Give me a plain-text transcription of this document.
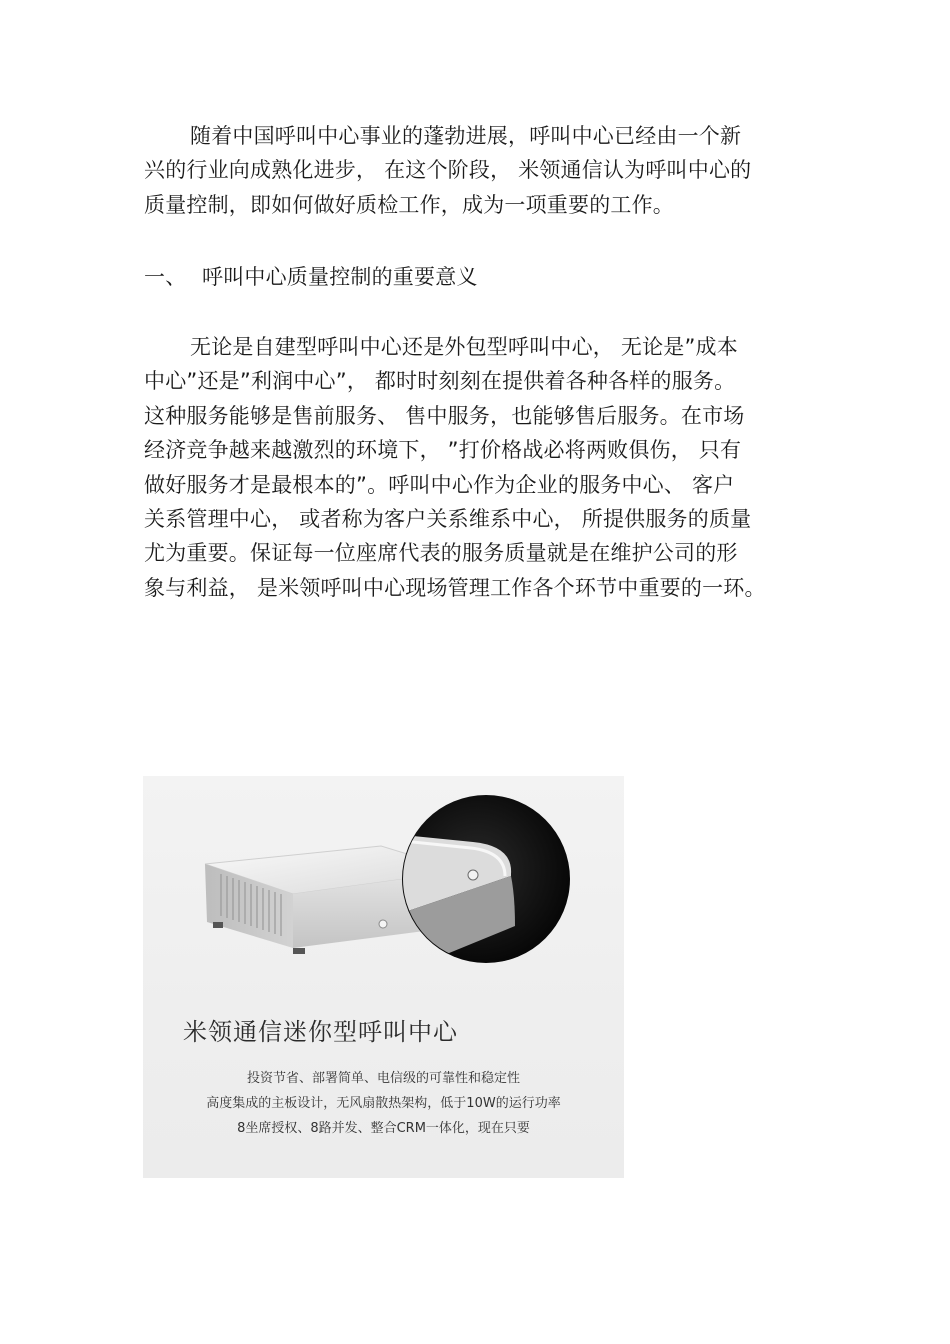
随着中国呼叫中心事业的蓬勃进展，呼叫中心已经由一个新
兴的行业向成熟化进步， 在这个阶段， 米领通信认为呼叫中心的
质量控制，即如何做好质检工作，成为一项重要的工作。
一、 呼叫中心质量控制的重要意义
无论是自建型呼叫中心还是外包型呼叫中心， 无论是”成本
中心”还是”利润中心”， 都时时刻刻在提供着各种各样的服务。
这种服务能够是售前服务、 售中服务，也能够售后服务。在市场
经济竞争越来越激烈的环境下， ”打价格战必将两败俱伤， 只有
做好服务才是最根本的”。呼叫中心作为企业的服务中心、 客户
关系管理中心， 或者称为客户关系维系中心， 所提供服务的质量
尤为重要。保证每一位座席代表的服务质量就是在维护公司的形
象与利益， 是米领呼叫中心现场管理工作各个环节中重要的一环。
米领通信迷你型呼叫中心
投资节省、部署简单、电信级的可靠性和稳定性
高度集成的主板设计，无风扇散热架构，低于10W的运行功率
8坐席授权、8路并发、整合CRM一体化，现在只要
